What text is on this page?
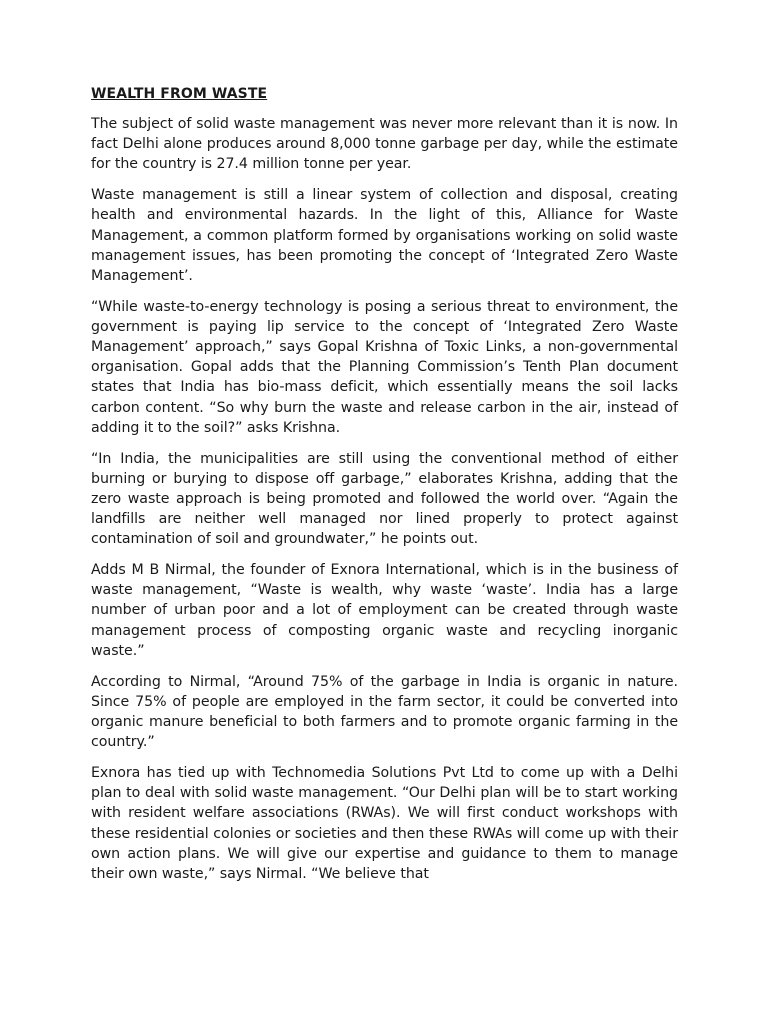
WEALTH FROM WASTE

The subject of solid waste management was never more relevant than it is now. In fact Delhi alone produces around 8,000 tonne garbage per day, while the estimate for the country is 27.4 million tonne per year.

Waste management is still a linear system of collection and disposal, creating health and environmental hazards. In the light of this, Alliance for Waste Management, a common platform formed by organisations working on solid waste management issues, has been promoting the concept of ‘Integrated Zero Waste Management’.

“While waste-to-energy technology is posing a serious threat to environment, the government is paying lip service to the concept of ‘Integrated Zero Waste Management’ approach,” says Gopal Krishna of Toxic Links, a non-governmental organisation. Gopal adds that the Planning Commission’s Tenth Plan document states that India has bio-mass deficit, which essentially means the soil lacks carbon content. “So why burn the waste and release carbon in the air, instead of adding it to the soil?” asks Krishna.

“In India, the municipalities are still using the conventional method of either burning or burying to dispose off garbage,” elaborates Krishna, adding that the zero waste approach is being promoted and followed the world over. “Again the landfills are neither well managed nor lined properly to protect against contamination of soil and groundwater,” he points out.

Adds M B Nirmal, the founder of Exnora International, which is in the business of waste management, “Waste is wealth, why waste ‘waste’. India has a large number of urban poor and a lot of employment can be created through waste management process of composting organic waste and recycling inorganic waste.”

According to Nirmal, “Around 75% of the garbage in India is organic in nature. Since 75% of people are employed in the farm sector, it could be converted into organic manure beneficial to both farmers and to promote organic farming in the country.”

Exnora has tied up with Technomedia Solutions Pvt Ltd to come up with a Delhi plan to deal with solid waste management. “Our Delhi plan will be to start working with resident welfare associations (RWAs). We will first conduct workshops with these residential colonies or societies and then these RWAs will come up with their own action plans. We will give our expertise and guidance to them to manage their own waste,” says Nirmal. “We believe that
